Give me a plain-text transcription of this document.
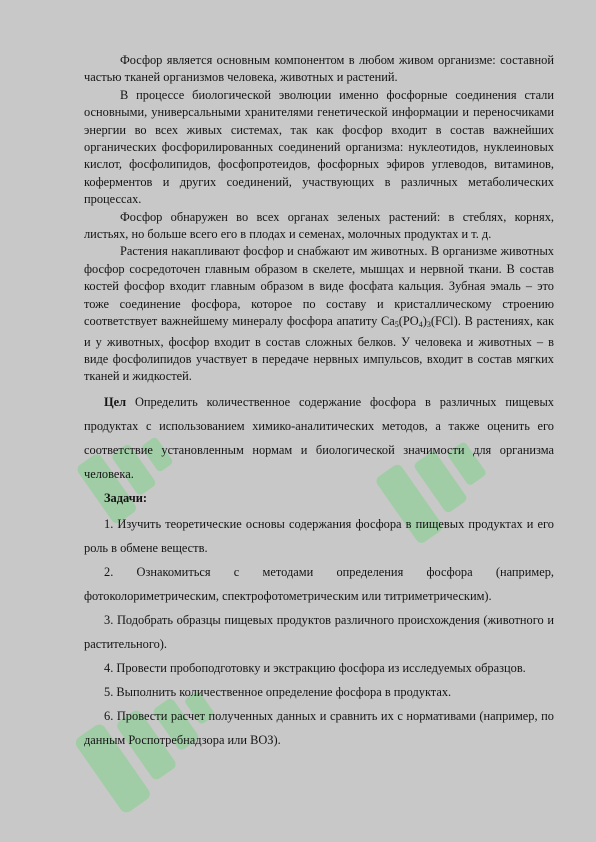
Фосфор является основным компонентом в любом живом организме: составной частью тканей организмов человека, животных и растений.

В процессе биологической эволюции именно фосфорные соединения стали основными, универсальными хранителями генетической информации и переносчиками энергии во всех живых системах, так как фосфор входит в состав важнейших органических фосфорилированных соединений организма: нуклеотидов, нуклеиновых кислот, фосфолипидов, фосфопротеидов, фосфорных эфиров углеводов, витаминов, коферментов и других соединений, участвующих в различных метаболических процессах.

Фосфор обнаружен во всех органах зеленых растений: в стеблях, корнях, листьях, но больше всего его в плодах и семенах, молочных продуктах и т. д.

Растения накапливают фосфор и снабжают им животных. В организме животных фосфор сосредоточен главным образом в скелете, мышцах и нервной ткани. В состав костей фосфор входит главным образом в виде фосфата кальция. Зубная эмаль – это тоже соединение фосфора, которое по составу и кристаллическому строению соответствует важнейшему минералу фосфора апатиту $Ca_5(PO_4)_3(FCl)$. В растениях, как и у животных, фосфор входит в состав сложных белков. У человека и животных – в виде фосфолипидов участвует в передаче нервных импульсов, входит в состав мягких тканей и жидкостей.

Цел Определить количественное содержание фосфора в различных пищевых продуктах с использованием химико-аналитических методов, а также оценить его соответствие установленным нормам и биологической значимости для организма человека.

Задачи:

1. Изучить теоретические основы содержания фосфора в пищевых продуктах и его роль в обмене веществ.

2. Ознакомиться с методами определения фосфора (например, фотоколориметрическим, спектрофотометрическим или титриметрическим).

3. Подобрать образцы пищевых продуктов различного происхождения (животного и растительного).

4. Провести пробоподготовку и экстракцию фосфора из исследуемых образцов.

5. Выполнить количественное определение фосфора в продуктах.

6. Провести расчет полученных данных и сравнить их с нормативами (например, по данным Роспотребнадзора или ВОЗ).
